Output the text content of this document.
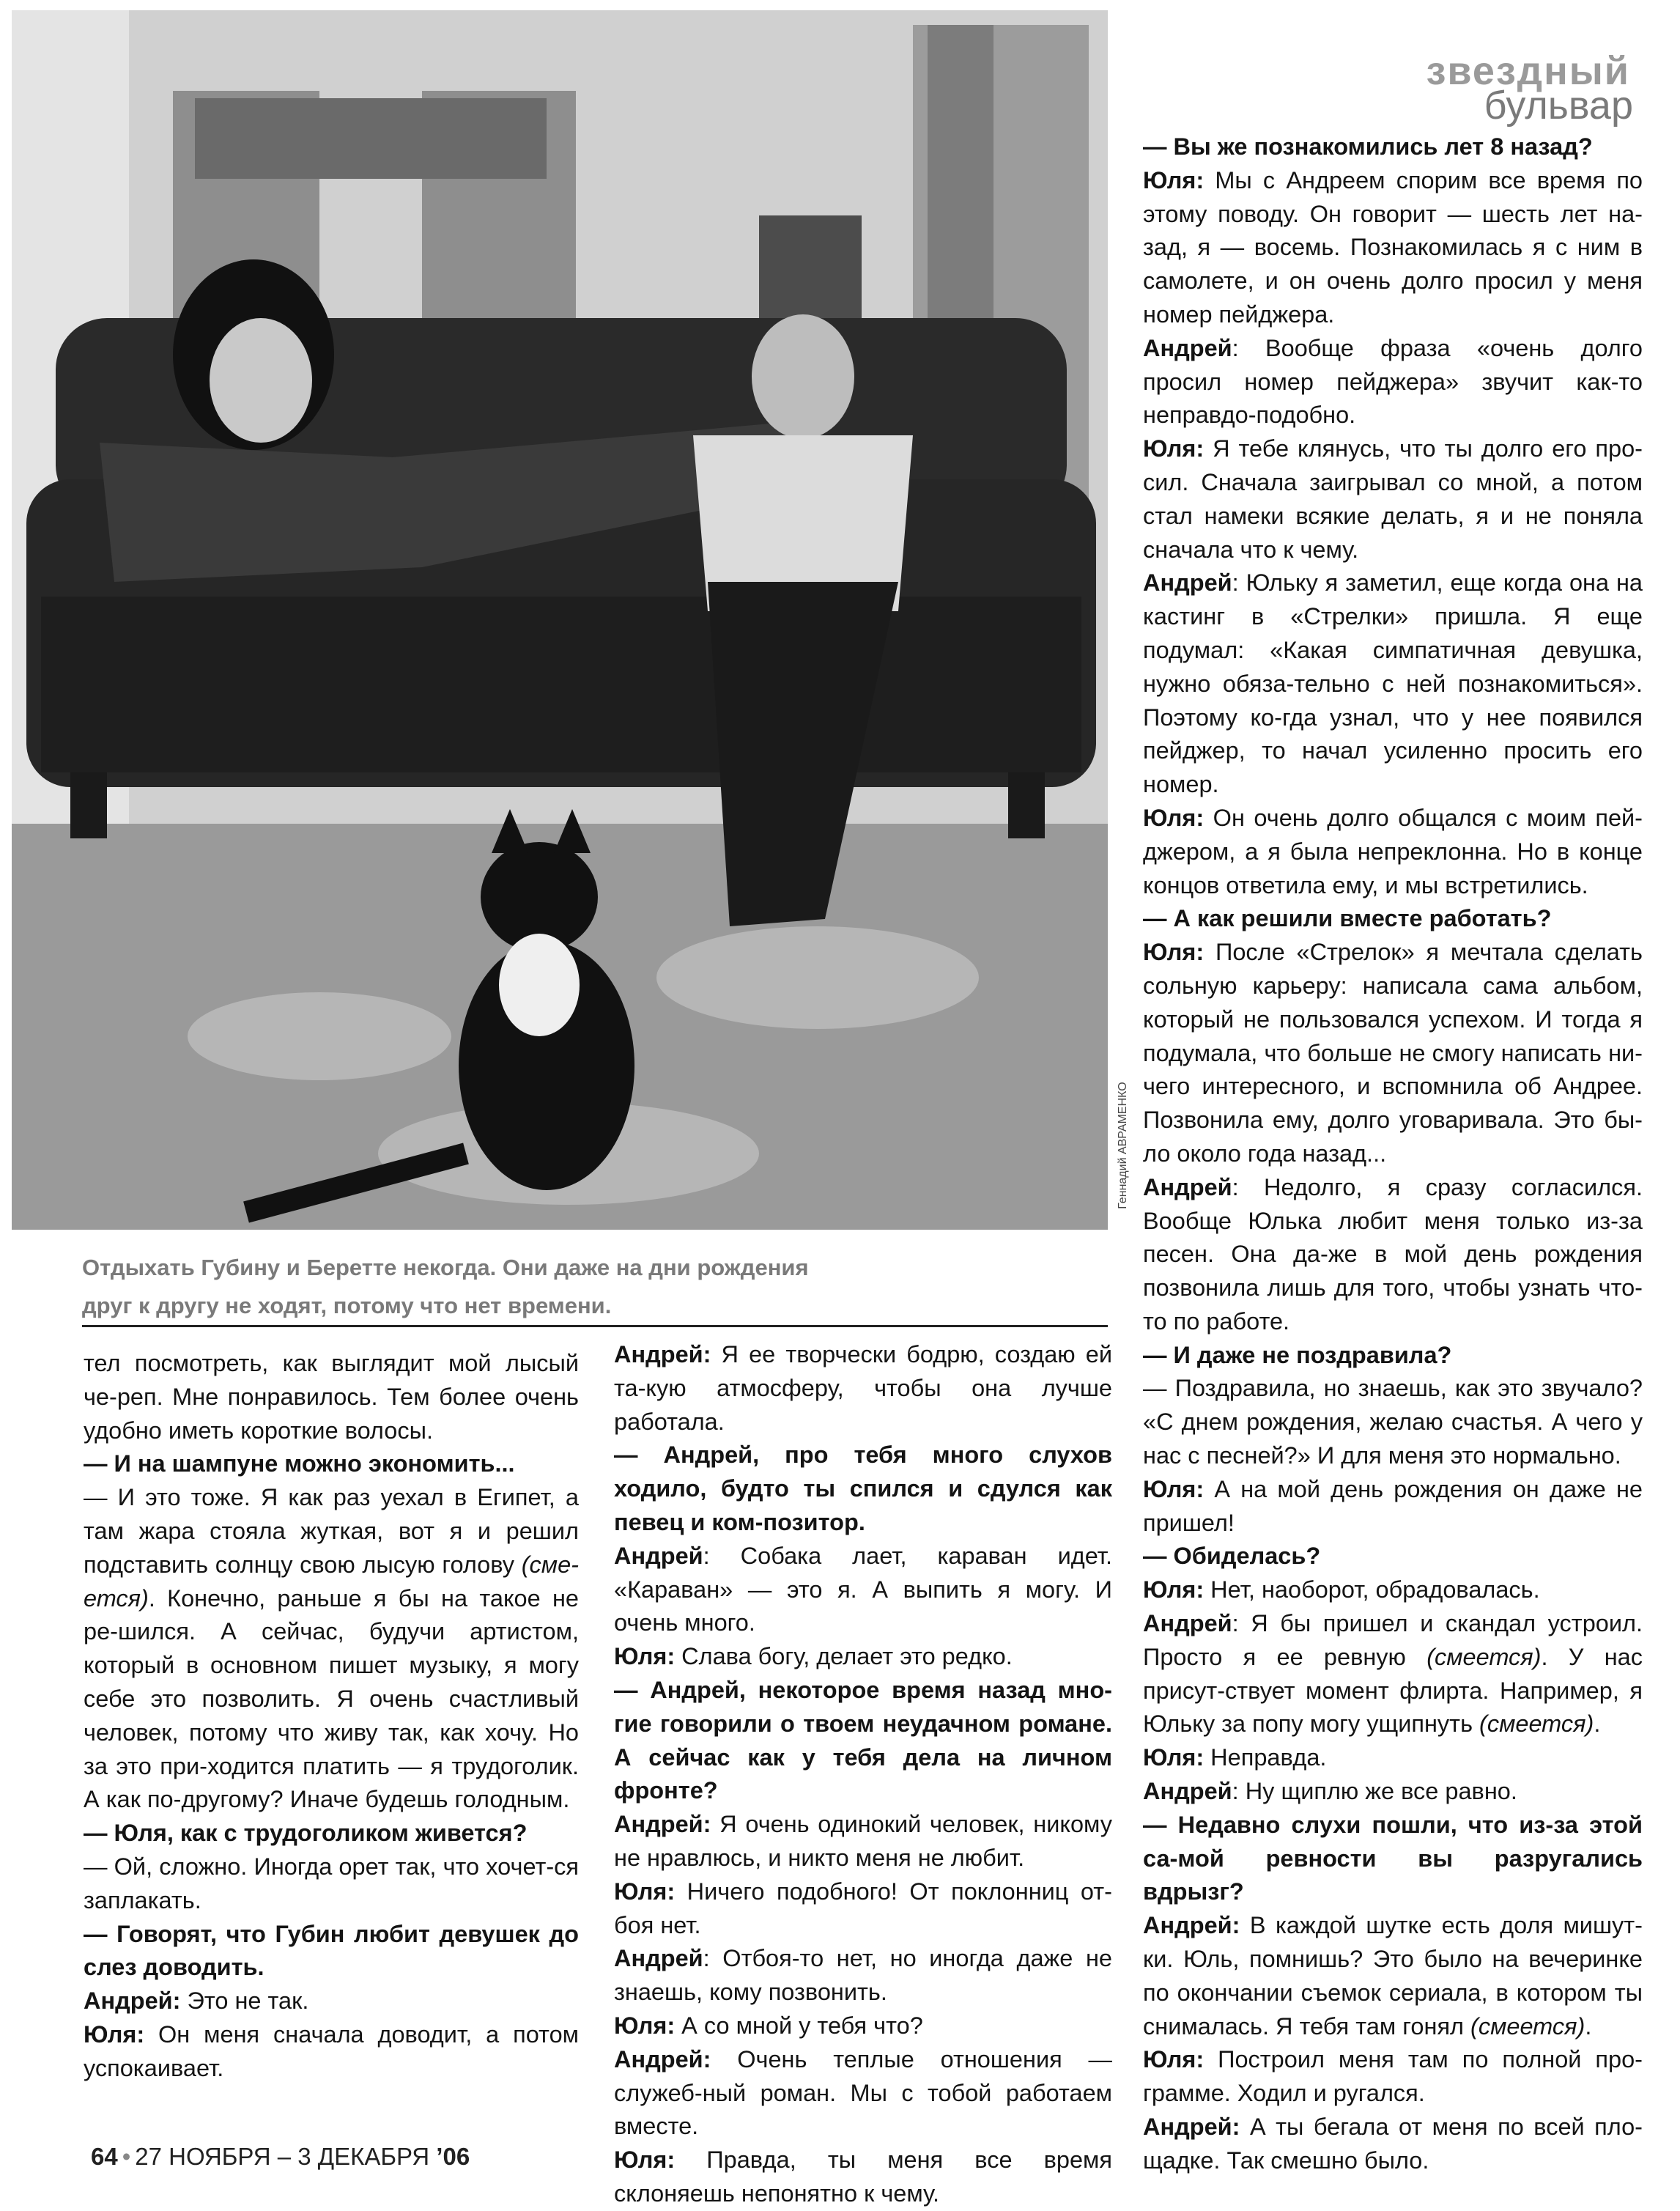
Геннадий АВРАМЕНКО
звездный
бульвар
Отдыхать Губину и Беретте некогда. Они даже на дни рождения
друг к другу не ходят, потому что нет времени.

тел посмотреть, как выглядит мой лысый че-реп. Мне понравилось. Тем более очень удобно иметь короткие волосы.

— И на шампуне можно экономить...

— И это тоже. Я как раз уехал в Египет, а там жара стояла жуткая, вот я и решил подставить солнцу свою лысую голову (сме-ется). Конечно, раньше я бы на такое не ре-шился. А сейчас, будучи артистом, который в основном пишет музыку, я могу себе это позволить. Я очень счастливый человек, потому что живу так, как хочу. Но за это при-ходится платить — я трудоголик. А как по-другому? Иначе будешь голодным.

— Юля, как с трудоголиком живется?

— Ой, сложно. Иногда орет так, что хочет-ся заплакать.

— Говорят, что Губин любит девушек до слез доводить.

Андрей: Это не так.

Юля: Он меня сначала доводит, а потом успокаивает.

Андрей: Я ее творчески бодрю, создаю ей та-кую атмосферу, чтобы она лучше работала.

— Андрей, про тебя много слухов ходило, будто ты спился и сдулся как певец и ком-позитор.

Андрей: Собака лает, караван идет. «Караван» — это я. А выпить я могу. И очень много.

Юля: Слава богу, делает это редко.

— Андрей, некоторое время назад мно-гие говорили о твоем неудачном романе. А сейчас как у тебя дела на личном фронте?

Андрей: Я очень одинокий человек, никому не нравлюсь, и никто меня не любит.

Юля: Ничего подобного! От поклонниц от-боя нет.

Андрей: Отбоя-то нет, но иногда даже не знаешь, кому позвонить.

Юля: А со мной у тебя что?

Андрей: Очень теплые отношения — служеб-ный роман. Мы с тобой работаем вместе.

Юля: Правда, ты меня все время склоняешь непонятно к чему.

— Вы же познакомились лет 8 назад?

Юля: Мы с Андреем спорим все время по этому поводу. Он говорит — шесть лет на-зад, я — восемь. Познакомилась я с ним в самолете, и он очень долго просил у меня номер пейджера.

Андрей: Вообще фраза «очень долго просил номер пейджера» звучит как-то неправдо-подобно.

Юля: Я тебе клянусь, что ты долго его про-сил. Сначала заигрывал со мной, а потом стал намеки всякие делать, я и не поняла сначала что к чему.

Андрей: Юльку я заметил, еще когда она на кастинг в «Стрелки» пришла. Я еще подумал: «Какая симпатичная девушка, нужно обяза-тельно с ней познакомиться». Поэтому ко-гда узнал, что у нее появился пейджер, то начал усиленно просить его номер.

Юля: Он очень долго общался с моим пей-джером, а я была непреклонна. Но в конце концов ответила ему, и мы встретились.

— А как решили вместе работать?

Юля: После «Стрелок» я мечтала сделать сольную карьеру: написала сама альбом, который не пользовался успехом. И тогда я подумала, что больше не смогу написать ни-чего интересного, и вспомнила об Андрее. Позвонила ему, долго уговаривала. Это бы-ло около года назад...

Андрей: Недолго, я сразу согласился. Вообще Юлька любит меня только из-за песен. Она да-же в мой день рождения позвонила лишь для того, чтобы узнать что-то по работе.

— И даже не поздравила?

— Поздравила, но знаешь, как это звучало? «С днем рождения, желаю счастья. А чего у нас с песней?» И для меня это нормально.

Юля: А на мой день рождения он даже не пришел!

— Обиделась?

Юля: Нет, наоборот, обрадовалась.

Андрей: Я бы пришел и скандал устроил. Просто я ее ревную (смеется). У нас присут-ствует момент флирта. Например, я Юльку за попу могу ущипнуть (смеется).

Юля: Неправда.

Андрей: Ну щиплю же все равно.

— Недавно слухи пошли, что из-за этой са-мой ревности вы разругались вдрызг?

Андрей: В каждой шутке есть доля мишут-ки. Юль, помнишь? Это было на вечеринке по окончании съемок сериала, в котором ты снималась. Я тебя там гонял (смеется).

Юля: Построил меня там по полной про-грамме. Ходил и ругался.

Андрей: А ты бегала от меня по всей пло-щадке. Так смешно было.

64 • 27 НОЯБРЯ – 3 ДЕКАБРЯ ’06
